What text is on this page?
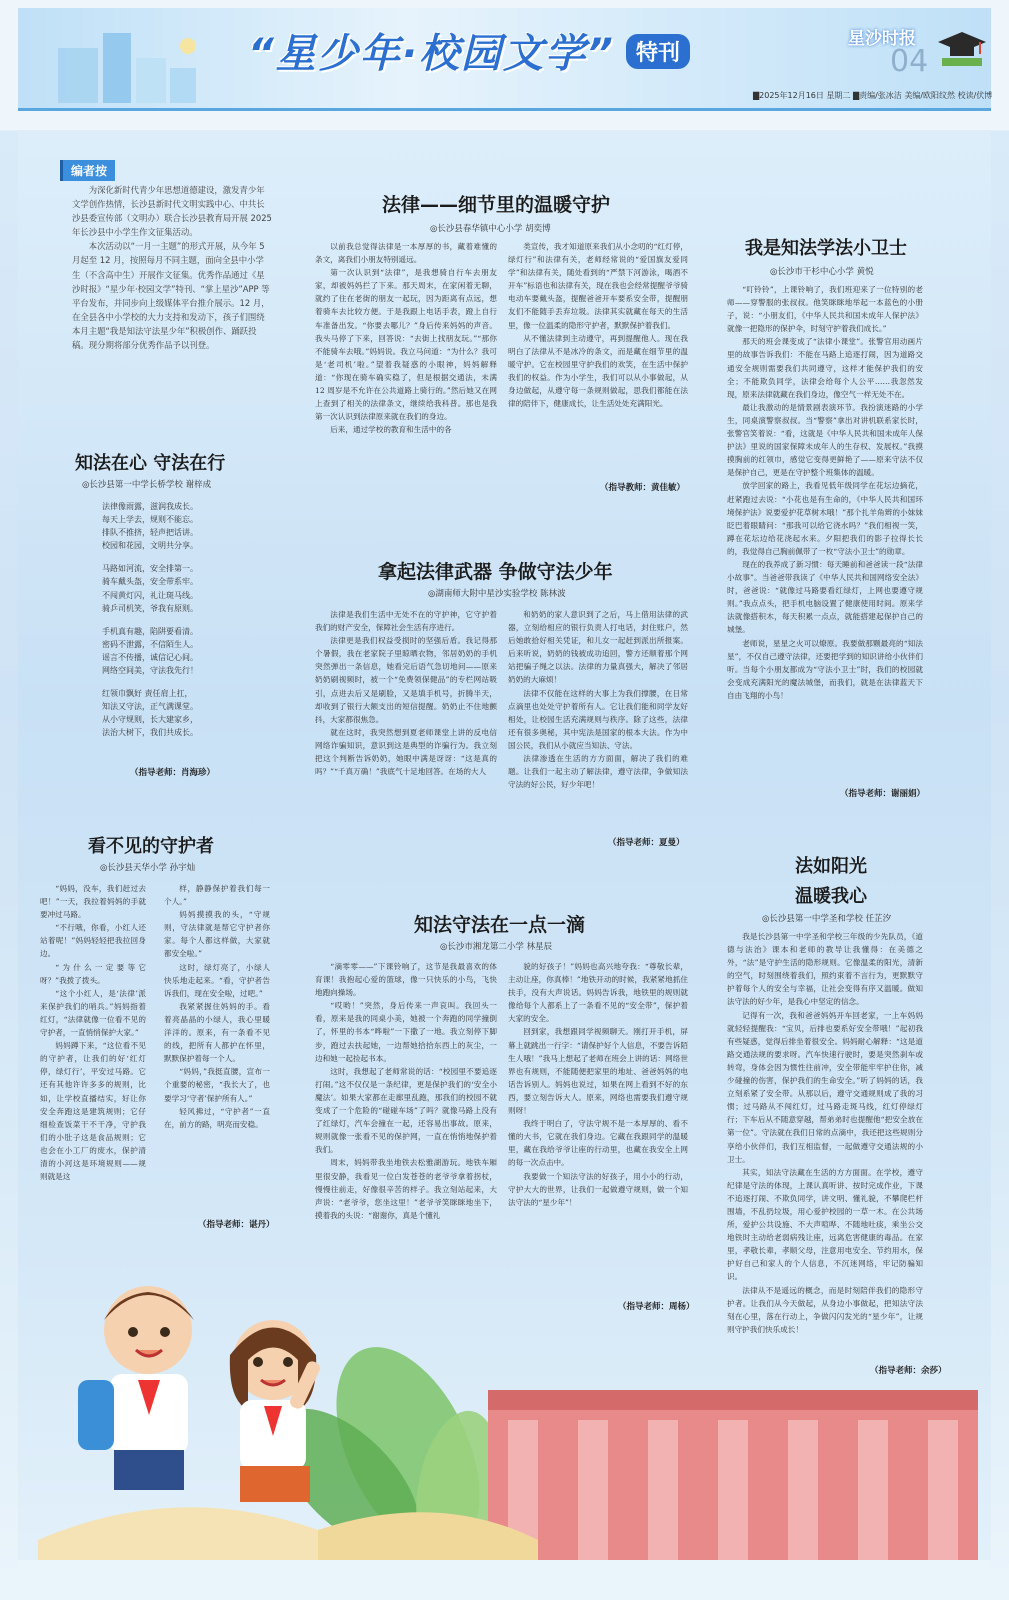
“星少年·校园文学” 特刊
星沙时报
04
▇2025年12月16日 星期二 ▇责编/张冰洁 美编/欧阳纹然 校读/伏博
编者按

为深化新时代青少年思想道德建设，激发青少年文学创作热情，长沙县新时代文明实践中心、中共长沙县委宣传部（文明办）联合长沙县教育局开展 2025 年长沙县中小学生作文征集活动。

本次活动以“一月一主题”的形式开展，从今年 5 月起至 12 月，按照每月不同主题，面向全县中小学生（不含高中生）开展作文征集。优秀作品通过《星沙时报》“星少年·校园文学”特刊、“掌上星沙”APP 等平台发布，并同步向上级媒体平台推介展示。12 月，在全县各中小学校的大力支持和发动下，孩子们围绕本月主题“我是知法守法星少年”积极创作、踊跃投稿。现分期将部分优秀作品予以刊登。

法律——细节里的温暖守护
◎长沙县春华镇中心小学 胡奕博

以前我总觉得法律是一本厚厚的书，藏着难懂的条文，离我们小朋友特别遥远。

第一次认识到“法律”，是我想骑自行车去朋友家，却被妈妈拦了下来。那天周末，在家闲着无聊，就约了住在老街的朋友一起玩，因为距离有点远，想着骑车去比较方便。于是我跟上电话手表，蹬上自行车准备出发。“你要去哪儿？”身后传来妈妈的声音。我头马停了下来，回答说：“去街上找朋友玩。”“那你不能骑车去哦。”妈妈说。我立马问道：“为什么？我可是‘老司机’啦。”望着我疑惑的小眼神，妈妈解释道：“你现在骑车确实稳了，但是根据交通法，未满 12 周岁是不允许在公共道路上骑行的。”然后她又在网上查到了相关的法律条文，继续给我科普。那也是我第一次认识到法律原来就在我们的身边。

后来，通过学校的教育和生活中的各

类宣传，我才知道原来我们从小念叨的“红灯停，绿灯行”和法律有关，老师经常说的“爱国旗友爱同学”和法律有关，随处看到的“严禁下河游泳，喝酒不开车”标语也和法律有关，现在我也会经常提醒爷爷骑电动车要戴头盔，提醒爸爸开车要系安全带，提醒朋友们不能随手丢弃垃圾。法律其实就藏在每天的生活里，像一位温柔的隐形守护者，默默保护着我们。

从不懂法律到主动遵守，再到提醒他人。现在我明白了法律从不是冰冷的条文，而是藏在细节里的温暖守护。它在校园里守护我们的欢笑，在生活中保护我们的权益。作为小学生，我们可以从小事做起，从身边做起，从遵守每一条规则做起，思我们都能在法律的陪伴下，健康成长，让生活处处充满阳光。

（指导教师：黄佳敏）
我是知法学法小卫士
◎长沙市干杉中心小学 黄悦

“叮铃铃”，上课铃响了，我们班迎来了一位特别的老师——穿警服的张叔叔。他笑眯眯地举起一本蓝色的小册子，说：“小朋友们，《中华人民共和国未成年人保护法》就像一把隐形的保护伞，时刻守护着我们成长。”

那天的班会课变成了“法律小课堂”。张警官用动画片里的故事告诉我们：不能在马路上追逐打闹，因为道路交通安全规则需要我们共同遵守，这样才能保护我们的安全；不能欺负同学，法律会给每个人公平……我忽然发现，原来法律就藏在我们身边，像空气一样无处不在。

最让我激动的是情景剧表演环节。我扮演迷路的小学生，同桌演警察叔叔。当“警察”拿出对讲机联系家长时，张警官笑着说：“看，这就是《中华人民共和国未成年人保护法》里说的国家保障未成年人的生存权、发展权。”我摸摸胸前的红领巾，感觉它变得更鲜艳了——原来守法不仅是保护自己，更是在守护整个班集体的温暖。

放学回家的路上，我看见低年级同学在花坛边摘花，赶紧跑过去说：“小花也是有生命的，《中华人民共和国环境保护法》说要爱护花草树木哦！”那个扎羊角辫的小妹妹眨巴着眼睛问：“那我可以给它浇水吗？”我们相视一笑，蹲在花坛边给花浇起水来。夕阳把我们的影子拉得长长的，我觉得自己胸前佩带了一枚“守法小卫士”的勋章。

现在的我养成了新习惯：每天睡前和爸爸读一段“法律小故事”。当爸爸带我读了《中华人民共和国网络安全法》时，爸爸说：“就像过马路要看红绿灯，上网也要遵守规则。”我点点头，把手机电脑设置了健康使用时间。原来学法就像搭积木，每天积累一点点，就能搭建起保护自己的城堡。

老师说，星星之火可以燎原。我要做那颗最亮的“知法星”，不仅自己遵守法律，还要把学到的知识讲给小伙伴们听。当每个小朋友都成为“守法小卫士”时，我们的校园就会变成充满阳光的魔法城堡，而我们，就是在法律蓝天下自由飞翔的小鸟！

（指导老师：谢丽娟）
知法在心 守法在行
◎长沙县第一中学长桥学校 谢梓成

法律像雨露，滋润我成长。
每天上学去，规则不能忘。
排队不推挤，轻声把话讲。
校园和花园，文明共分享。

马路如河流，安全排第一。
骑车戴头盔，安全带系牢。
不闯黄灯闪，礼让斑马线。
骑乒司机笑，爷我有原则。

手机真有趣，陷阱要看清。
密码不泄露，不信陌生人。
谣言不传播，诚信记心间。
网络空间美，守法我先行！

红领巾飘好 责任肩上扛，
知法又守法，正气满课堂。
从小守规则，长大建家乡，
法治大树下，我们共成长。

（指导老师：肖海珍）
拿起法律武器 争做守法少年
◎湖南师大附中星沙实验学校 陈林波

法律是我们生活中无处不在的守护神，它守护着我们的财产安全，保障社会生活有序进行。

法律更是我们权益受损时的坚强后盾。我记得那个暑假，我在老家院子里晾晒衣物，邻居奶奶的手机突然弹出一条信息，她看完后语气急切地问——原来奶奶刷视频时，被一个“免费领保健品”的专栏网站吸引，点进去后又是刷脸，又是填手机号，折腾半天，却收到了银行大额支出的短信提醒。奶奶止不住地颤抖，大家都很焦急。

就在这时，我突然想到夏老师课堂上讲的反电信网络诈骗知识，意识到这是典型的诈骗行为。我立刻把这个判断告诉奶奶，她眼中满是讶讶：“这是真的吗？”“千真万确！”我底气十足地回答。在场的大人

和奶奶的家人意识到了之后，马上借用法律的武器，立刻给相应的银行负责人打电话，封住账户，然后她敢拾好相关凭证，和儿女一起赶到派出所报案。后来听说，奶奶的钱被成功追回，警方还顺着那个网站把骗子绳之以法。法律的力量真强大，解决了邻居奶奶的大麻烦！

法律不仅能在这样的大事上为我们撑腰，在日常点滴里也处处守护着所有人。它让我们能和同学友好相处，让校园生活充满规则与秩序。除了这些，法律还有很多奥秘，其中宪法是国家的根本大法。作为中国公民，我们从小就应当知法、守法。

法律渗透在生活的方方面面，解决了我们的难题。让我们一起主动了解法律，遵守法律，争做知法守法的好公民，好少年吧！

（指导老师：夏曼）
看不见的守护者
◎长沙县天华小学 孙宇灿

“妈妈，没车，我们赶过去吧！”一天，我拉着妈妈的手就要冲过马路。

“不行哦，你看，小红人还站着呢！”妈妈轻轻把我拉回身边。

“为什么一定要等它呀？”我拨了拨头。

“这个小红人，是‘法律’派来保护我们的哨兵。”妈妈指着红灯，“法律就像一位看不见的守护者，一直悄悄保护大家。”

妈妈蹲下来，“这位看不见的守护者，让我们的好‘红灯停，绿灯行’，平安过马路。它还有其他许许多多的规则，比如，让学校直播结实，好让你安全奔跑这是建筑规则；它仔细检查饭菜干不干净，守护我们的小肚子这是食品规则；它也会在小工厂的废水，保护清清的小河这是环境规则——规则就是这

样，静静保护着我们每一个人。”

妈妈摸摸我的头，“守规则，守法律就是帮它守护者你家。每个人都这样做，大家就都安全啦。”

这时，绿灯亮了，小绿人快乐地走起来。“看，守护者告诉我们，现在安全啦，过吧。”

我紧紧握住妈妈的手。看着亮晶晶的小绿人，我心里暖洋洋的。原来，有一条看不见的线，把所有人都护在怀里，默默保护着每一个人。

“妈妈，”我挺直腰，宣布一个重要的秘密，“我长大了，也要学习‘守者’保护所有人。”

轻风拂过，“守护者”一直在，前方的路，明亮而安稳。

（指导老师：谌丹）
知法守法在一点一滴
◎长沙市湘龙第二小学 林星辰

“滴零零——”下课铃响了，这节是我最喜欢的体育课！我抱起心爱的篮球，像一只快乐的小鸟，飞快地跑向操场。

“哎哟！”突然，身后传来一声哀叫。我回头一看，原来是我的同桌小美，她被一个奔跑的同学撞倒了，怀里的书本“哗啦”一下撒了一地。我立刻停下脚步，跑过去扶起她，一边帮她拾拾东西上的灰尘，一边和她一起捡起书本。

这时，我想起了老师常说的话：“校园里不要追逐打闹。”这不仅仅是一条纪律，更是保护我们的‘安全小魔法’。如果大家都在走廊里乱跑，那我们的校园不就变成了一个危险的“碰碰车场”了吗？就像马路上没有了红绿灯，汽车会撞在一起，还容易出事故。原来，规则就像一张看不见的保护网，一直在悄悄地保护着我们。

周末，妈妈带我坐地铁去松雅湖游玩。地铁车厢里很安静，我看见一位白发苍苍的老爷爷拿着拐杖，慢慢往前走，好像很辛苦的样子。我立刻站起来，大声说：“老爷爷，您坐这里！”老爷爷笑眯眯地坐下，摸着我的头说：“谢谢你，真是个懂礼

貌的好孩子！”妈妈也高兴地夸我：“尊敬长辈，主动让座，你真棒！”地铁开动的时候，我紧紧地抓住扶手，没有大声说话。妈妈告诉我，地铁里的规则就像给每个人都系上了一条看不见的“安全带”，保护着大家的安全。

回到家，我想跟同学视频聊天。刚打开手机，屏幕上就跳出一行字：“请保护好个人信息，不要告诉陌生人哦！”我马上想起了老师在班会上讲的话：网络世界也有规则，不能随便把家里的地址、爸爸妈妈的电话告诉别人。妈妈也说过，如果在网上看到不好的东西，要立刻告诉大人。原来，网络也需要我们遵守规则呀！

我终于明白了，守法守规不是一本厚厚的、看不懂的大书，它就在我们身边。它藏在我跟同学的温暖里，藏在我给爷爷让座的行动里，也藏在我安全上网的每一次点击中。

我要做一个知法守法的好孩子，用小小的行动，守护大大的世界，让我们一起做遵守规则，做一个知法守法的“星少年”！

（指导老师：周杨）
法如阳光
温暖我心
◎长沙县第一中学圣和学校 任芷汐

我是长沙县第一中学圣和学校三年级的少先队员，《道德与法治》课本和老师的教导让我懂得：在美德之外，“法”是守护生活的隐形规则。它像温柔的阳光，清新的空气，时刻围绕着我们，照约束着不言行为，更默默守护着每个人的安全与幸福，让社会变得有序又温暖。做知法守法的好少年，是我心中坚定的信念。

记得有一次，我和爸爸妈妈开车回老家，一上车妈妈就轻轻提醒我：“宝贝，后排也要系好安全带哦！”起初我有些疑惑，觉得后排坐着很安全。妈妈耐心解释：“这是道路交通法规的要求呀。汽车快速行驶时，要是突然刹车或转弯，身体会因为惯性往前冲，安全带能牢牢护住你，减少碰撞的伤害，保护我们的生命安全。”听了妈妈的话，我立刻系紧了安全带。从那以后，遵守交通规则成了我的习惯；过马路从不闯红灯，过马路走斑马线，红灯停绿灯行；下车后从不随意穿越，帮弟弟时也提醒他“把安全放在第一位”。守法就在我们日常的点滴中，我还把这些规则分享给小伙伴们，我们互相监督，一起做遵守交通法规的小卫士。

其实，知法守法藏在生活的方方面面。在学校，遵守纪律是守法的体现，上课认真听讲、按时完成作业，下课不追逐打闹、不欺负同学，讲文明、懂礼貌，不攀爬栏杆围墙，不乱扔垃圾，用心爱护校园的一草一木。在公共场所，爱护公共设施、不大声喧哗、不随地吐痰，乘坐公交地铁时主动给老弱病残让座，远离危害健康的毒品。在家里，孝敬长辈，孝顺父母，注意用电安全、节约用水，保护好自己和家人的个人信息，不沉迷网络，牢记防骗知识。

法律从不是遥远的概念，而是时刻陪伴我们的隐形守护者。让我们从今天做起，从身边小事做起，把知法守法刻在心里，落在行动上，争做闪闪发光的“星少年”，让规则守护我们快乐成长！

（指导老师：余莎）
